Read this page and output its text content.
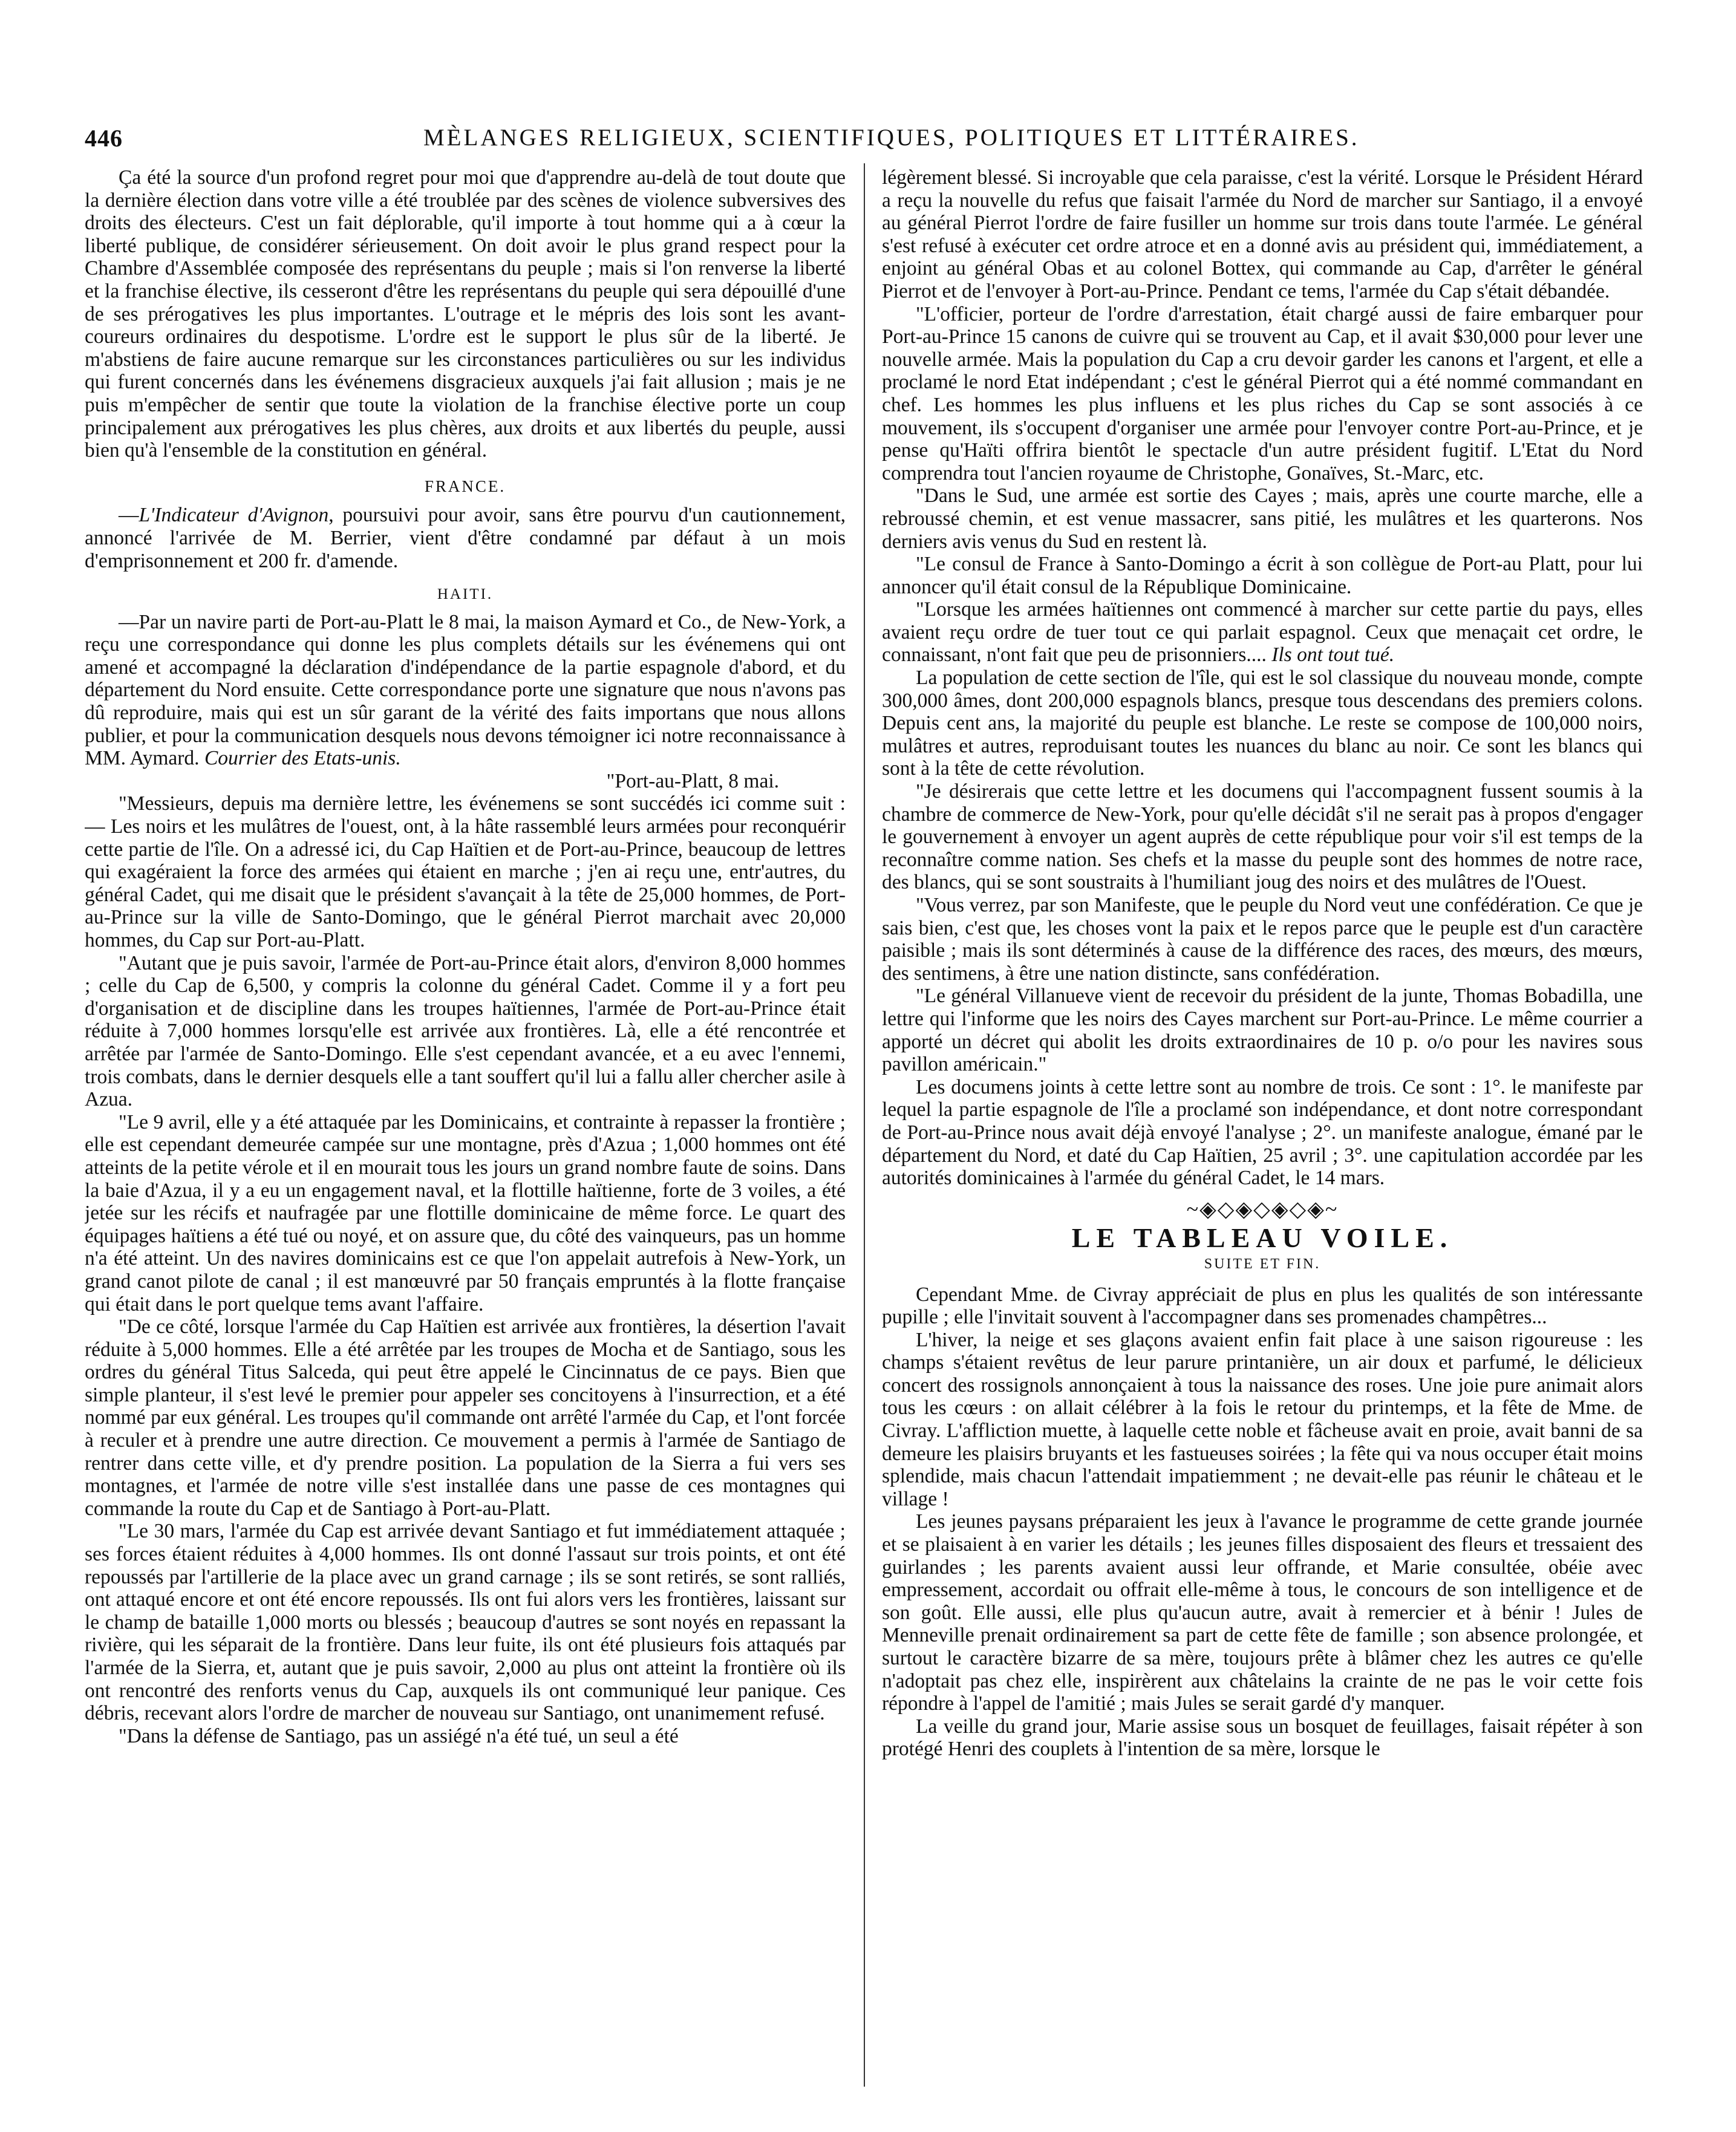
446	MÈLANGES RELIGIEUX, SCIENTIFIQUES, POLITIQUES ET LITTÉRAIRES.

Ça été la source d'un profond regret pour moi que d'apprendre au-delà de tout doute que la dernière élection dans votre ville a été troublée par des scènes de violence subversives des droits des électeurs. C'est un fait déplorable, qu'il importe à tout homme qui a à cœur la liberté publique, de considérer sérieusement. On doit avoir le plus grand respect pour la Chambre d'Assemblée composée des représentans du peuple ; mais si l'on renverse la liberté et la franchise élective, ils cesseront d'être les représentans du peuple qui sera dépouillé d'une de ses prérogatives les plus importantes. L'outrage et le mépris des lois sont les avant-coureurs ordinaires du despotisme. L'ordre est le support le plus sûr de la liberté. Je m'abstiens de faire aucune remarque sur les circonstances particulières ou sur les individus qui furent concernés dans les événemens disgracieux auxquels j'ai fait allusion ; mais je ne puis m'empêcher de sentir que toute la violation de la franchise élective porte un coup principalement aux prérogatives les plus chères, aux droits et aux libertés du peuple, aussi bien qu'à l'ensemble de la constitution en général.

FRANCE.

—L'Indicateur d'Avignon, poursuivi pour avoir, sans être pourvu d'un cautionnement, annoncé l'arrivée de M. Berrier, vient d'être condamné par défaut à un mois d'emprisonnement et 200 fr. d'amende.

HAITI.

—Par un navire parti de Port-au-Platt le 8 mai, la maison Aymard et Co., de New-York, a reçu une correspondance qui donne les plus complets détails sur les événemens qui ont amené et accompagné la déclaration d'indépendance de la partie espagnole d'abord, et du département du Nord ensuite. Cette correspondance porte une signature que nous n'avons pas dû reproduire, mais qui est un sûr garant de la vérité des faits importans que nous allons publier, et pour la communication desquels nous devons témoigner ici notre reconnaissance à MM. Aymard. Courrier des Etats-unis.

"Port-au-Platt, 8 mai.

"Messieurs, depuis ma dernière lettre, les événemens se sont succédés ici comme suit : — Les noirs et les mulâtres de l'ouest, ont, à la hâte rassemblé leurs armées pour reconquérir cette partie de l'île. On a adressé ici, du Cap Haïtien et de Port-au-Prince, beaucoup de lettres qui exagéraient la force des armées qui étaient en marche ; j'en ai reçu une, entr'autres, du général Cadet, qui me disait que le président s'avançait à la tête de 25,000 hommes, de Port-au-Prince sur la ville de Santo-Domingo, que le général Pierrot marchait avec 20,000 hommes, du Cap sur Port-au-Platt.

"Autant que je puis savoir, l'armée de Port-au-Prince était alors, d'environ 8,000 hommes ; celle du Cap de 6,500, y compris la colonne du général Cadet. Comme il y a fort peu d'organisation et de discipline dans les troupes haïtiennes, l'armée de Port-au-Prince était réduite à 7,000 hommes lorsqu'elle est arrivée aux frontières. Là, elle a été rencontrée et arrêtée par l'armée de Santo-Domingo. Elle s'est cependant avancée, et a eu avec l'ennemi, trois combats, dans le dernier desquels elle a tant souffert qu'il lui a fallu aller chercher asile à Azua.

"Le 9 avril, elle y a été attaquée par les Dominicains, et contrainte à repasser la frontière ; elle est cependant demeurée campée sur une montagne, près d'Azua ; 1,000 hommes ont été atteints de la petite vérole et il en mourait tous les jours un grand nombre faute de soins. Dans la baie d'Azua, il y a eu un engagement naval, et la flottille haïtienne, forte de 3 voiles, a été jetée sur les récifs et naufragée par une flottille dominicaine de même force. Le quart des équipages haïtiens a été tué ou noyé, et on assure que, du côté des vainqueurs, pas un homme n'a été atteint. Un des navires dominicains est ce que l'on appelait autrefois à New-York, un grand canot pilote de canal ; il est manœuvré par 50 français empruntés à la flotte française qui était dans le port quelque tems avant l'affaire.

"De ce côté, lorsque l'armée du Cap Haïtien est arrivée aux frontières, la désertion l'avait réduite à 5,000 hommes. Elle a été arrêtée par les troupes de Mocha et de Santiago, sous les ordres du général Titus Salceda, qui peut être appelé le Cincinnatus de ce pays. Bien que simple planteur, il s'est levé le premier pour appeler ses concitoyens à l'insurrection, et a été nommé par eux général. Les troupes qu'il commande ont arrêté l'armée du Cap, et l'ont forcée à reculer et à prendre une autre direction. Ce mouvement a permis à l'armée de Santiago de rentrer dans cette ville, et d'y prendre position. La population de la Sierra a fui vers ses montagnes, et l'armée de notre ville s'est installée dans une passe de ces montagnes qui commande la route du Cap et de Santiago à Port-au-Platt.

"Le 30 mars, l'armée du Cap est arrivée devant Santiago et fut immédiatement attaquée ; ses forces étaient réduites à 4,000 hommes. Ils ont donné l'assaut sur trois points, et ont été repoussés par l'artillerie de la place avec un grand carnage ; ils se sont retirés, se sont ralliés, ont attaqué encore et ont été encore repoussés. Ils ont fui alors vers les frontières, laissant sur le champ de bataille 1,000 morts ou blessés ; beaucoup d'autres se sont noyés en repassant la rivière, qui les séparait de la frontière. Dans leur fuite, ils ont été plusieurs fois attaqués par l'armée de la Sierra, et, autant que je puis savoir, 2,000 au plus ont atteint la frontière où ils ont rencontré des renforts venus du Cap, auxquels ils ont communiqué leur panique. Ces débris, recevant alors l'ordre de marcher de nouveau sur Santiago, ont unanimement refusé.

"Dans la défense de Santiago, pas un assiégé n'a été tué, un seul a été

légèrement blessé. Si incroyable que cela paraisse, c'est la vérité. Lorsque le Président Hérard a reçu la nouvelle du refus que faisait l'armée du Nord de marcher sur Santiago, il a envoyé au général Pierrot l'ordre de faire fusiller un homme sur trois dans toute l'armée. Le général s'est refusé à exécuter cet ordre atroce et en a donné avis au président qui, immédiatement, a enjoint au général Obas et au colonel Bottex, qui commande au Cap, d'arrêter le général Pierrot et de l'envoyer à Port-au-Prince. Pendant ce tems, l'armée du Cap s'était débandée.

"L'officier, porteur de l'ordre d'arrestation, était chargé aussi de faire embarquer pour Port-au-Prince 15 canons de cuivre qui se trouvent au Cap, et il avait $30,000 pour lever une nouvelle armée. Mais la population du Cap a cru devoir garder les canons et l'argent, et elle a proclamé le nord Etat indépendant ; c'est le général Pierrot qui a été nommé commandant en chef. Les hommes les plus influens et les plus riches du Cap se sont associés à ce mouvement, ils s'occupent d'organiser une armée pour l'envoyer contre Port-au-Prince, et je pense qu'Haïti offrira bientôt le spectacle d'un autre président fugitif. L'Etat du Nord comprendra tout l'ancien royaume de Christophe, Gonaïves, St.-Marc, etc.

"Dans le Sud, une armée est sortie des Cayes ; mais, après une courte marche, elle a rebroussé chemin, et est venue massacrer, sans pitié, les mulâtres et les quarterons. Nos derniers avis venus du Sud en restent là.

"Le consul de France à Santo-Domingo a écrit à son collègue de Port-au Platt, pour lui annoncer qu'il était consul de la République Dominicaine.

"Lorsque les armées haïtiennes ont commencé à marcher sur cette partie du pays, elles avaient reçu ordre de tuer tout ce qui parlait espagnol. Ceux que menaçait cet ordre, le connaissant, n'ont fait que peu de prisonniers.... Ils ont tout tué.

La population de cette section de l'île, qui est le sol classique du nouveau monde, compte 300,000 âmes, dont 200,000 espagnols blancs, presque tous descendans des premiers colons. Depuis cent ans, la majorité du peuple est blanche. Le reste se compose de 100,000 noirs, mulâtres et autres, reproduisant toutes les nuances du blanc au noir. Ce sont les blancs qui sont à la tête de cette révolution.

"Je désirerais que cette lettre et les documens qui l'accompagnent fussent soumis à la chambre de commerce de New-York, pour qu'elle décidât s'il ne serait pas à propos d'engager le gouvernement à envoyer un agent auprès de cette république pour voir s'il est temps de la reconnaître comme nation. Ses chefs et la masse du peuple sont des hommes de notre race, des blancs, qui se sont soustraits à l'humiliant joug des noirs et des mulâtres de l'Ouest.

"Vous verrez, par son Manifeste, que le peuple du Nord veut une confédération. Ce que je sais bien, c'est que, les choses vont la paix et le repos parce que le peuple est d'un caractère paisible ; mais ils sont déterminés à cause de la différence des races, des mœurs, des mœurs, des sentimens, à être une nation distincte, sans confédération.

"Le général Villanueve vient de recevoir du président de la junte, Thomas Bobadilla, une lettre qui l'informe que les noirs des Cayes marchent sur Port-au-Prince. Le même courrier a apporté un décret qui abolit les droits extraordinaires de 10 p. o/o pour les navires sous pavillon américain."

Les documens joints à cette lettre sont au nombre de trois. Ce sont : 1°. le manifeste par lequel la partie espagnole de l'île a proclamé son indépendance, et dont notre correspondant de Port-au-Prince nous avait déjà envoyé l'analyse ; 2°. un manifeste analogue, émané par le département du Nord, et daté du Cap Haïtien, 25 avril ; 3°. une capitulation accordée par les autorités dominicaines à l'armée du général Cadet, le 14 mars.

~◈◇◈◇◈◇◈~
LE TABLEAU VOILE.
SUITE ET FIN.

Cependant Mme. de Civray appréciait de plus en plus les qualités de son intéressante pupille ; elle l'invitait souvent à l'accompagner dans ses promenades champêtres...

L'hiver, la neige et ses glaçons avaient enfin fait place à une saison rigoureuse : les champs s'étaient revêtus de leur parure printanière, un air doux et parfumé, le délicieux concert des rossignols annonçaient à tous la naissance des roses. Une joie pure animait alors tous les cœurs : on allait célébrer à la fois le retour du printemps, et la fête de Mme. de Civray. L'affliction muette, à laquelle cette noble et fâcheuse avait en proie, avait banni de sa demeure les plaisirs bruyants et les fastueuses soirées ; la fête qui va nous occuper était moins splendide, mais chacun l'attendait impatiemment ; ne devait-elle pas réunir le château et le village !

Les jeunes paysans préparaient les jeux à l'avance le programme de cette grande journée et se plaisaient à en varier les détails ; les jeunes filles disposaient des fleurs et tressaient des guirlandes ; les parents avaient aussi leur offrande, et Marie consultée, obéie avec empressement, accordait ou offrait elle-même à tous, le concours de son intelligence et de son goût. Elle aussi, elle plus qu'aucun autre, avait à remercier et à bénir ! Jules de Menneville prenait ordinairement sa part de cette fête de famille ; son absence prolongée, et surtout le caractère bizarre de sa mère, toujours prête à blâmer chez les autres ce qu'elle n'adoptait pas chez elle, inspirèrent aux châtelains la crainte de ne pas le voir cette fois répondre à l'appel de l'amitié ; mais Jules se serait gardé d'y manquer.

La veille du grand jour, Marie assise sous un bosquet de feuillages, faisait répéter à son protégé Henri des couplets à l'intention de sa mère, lorsque le
